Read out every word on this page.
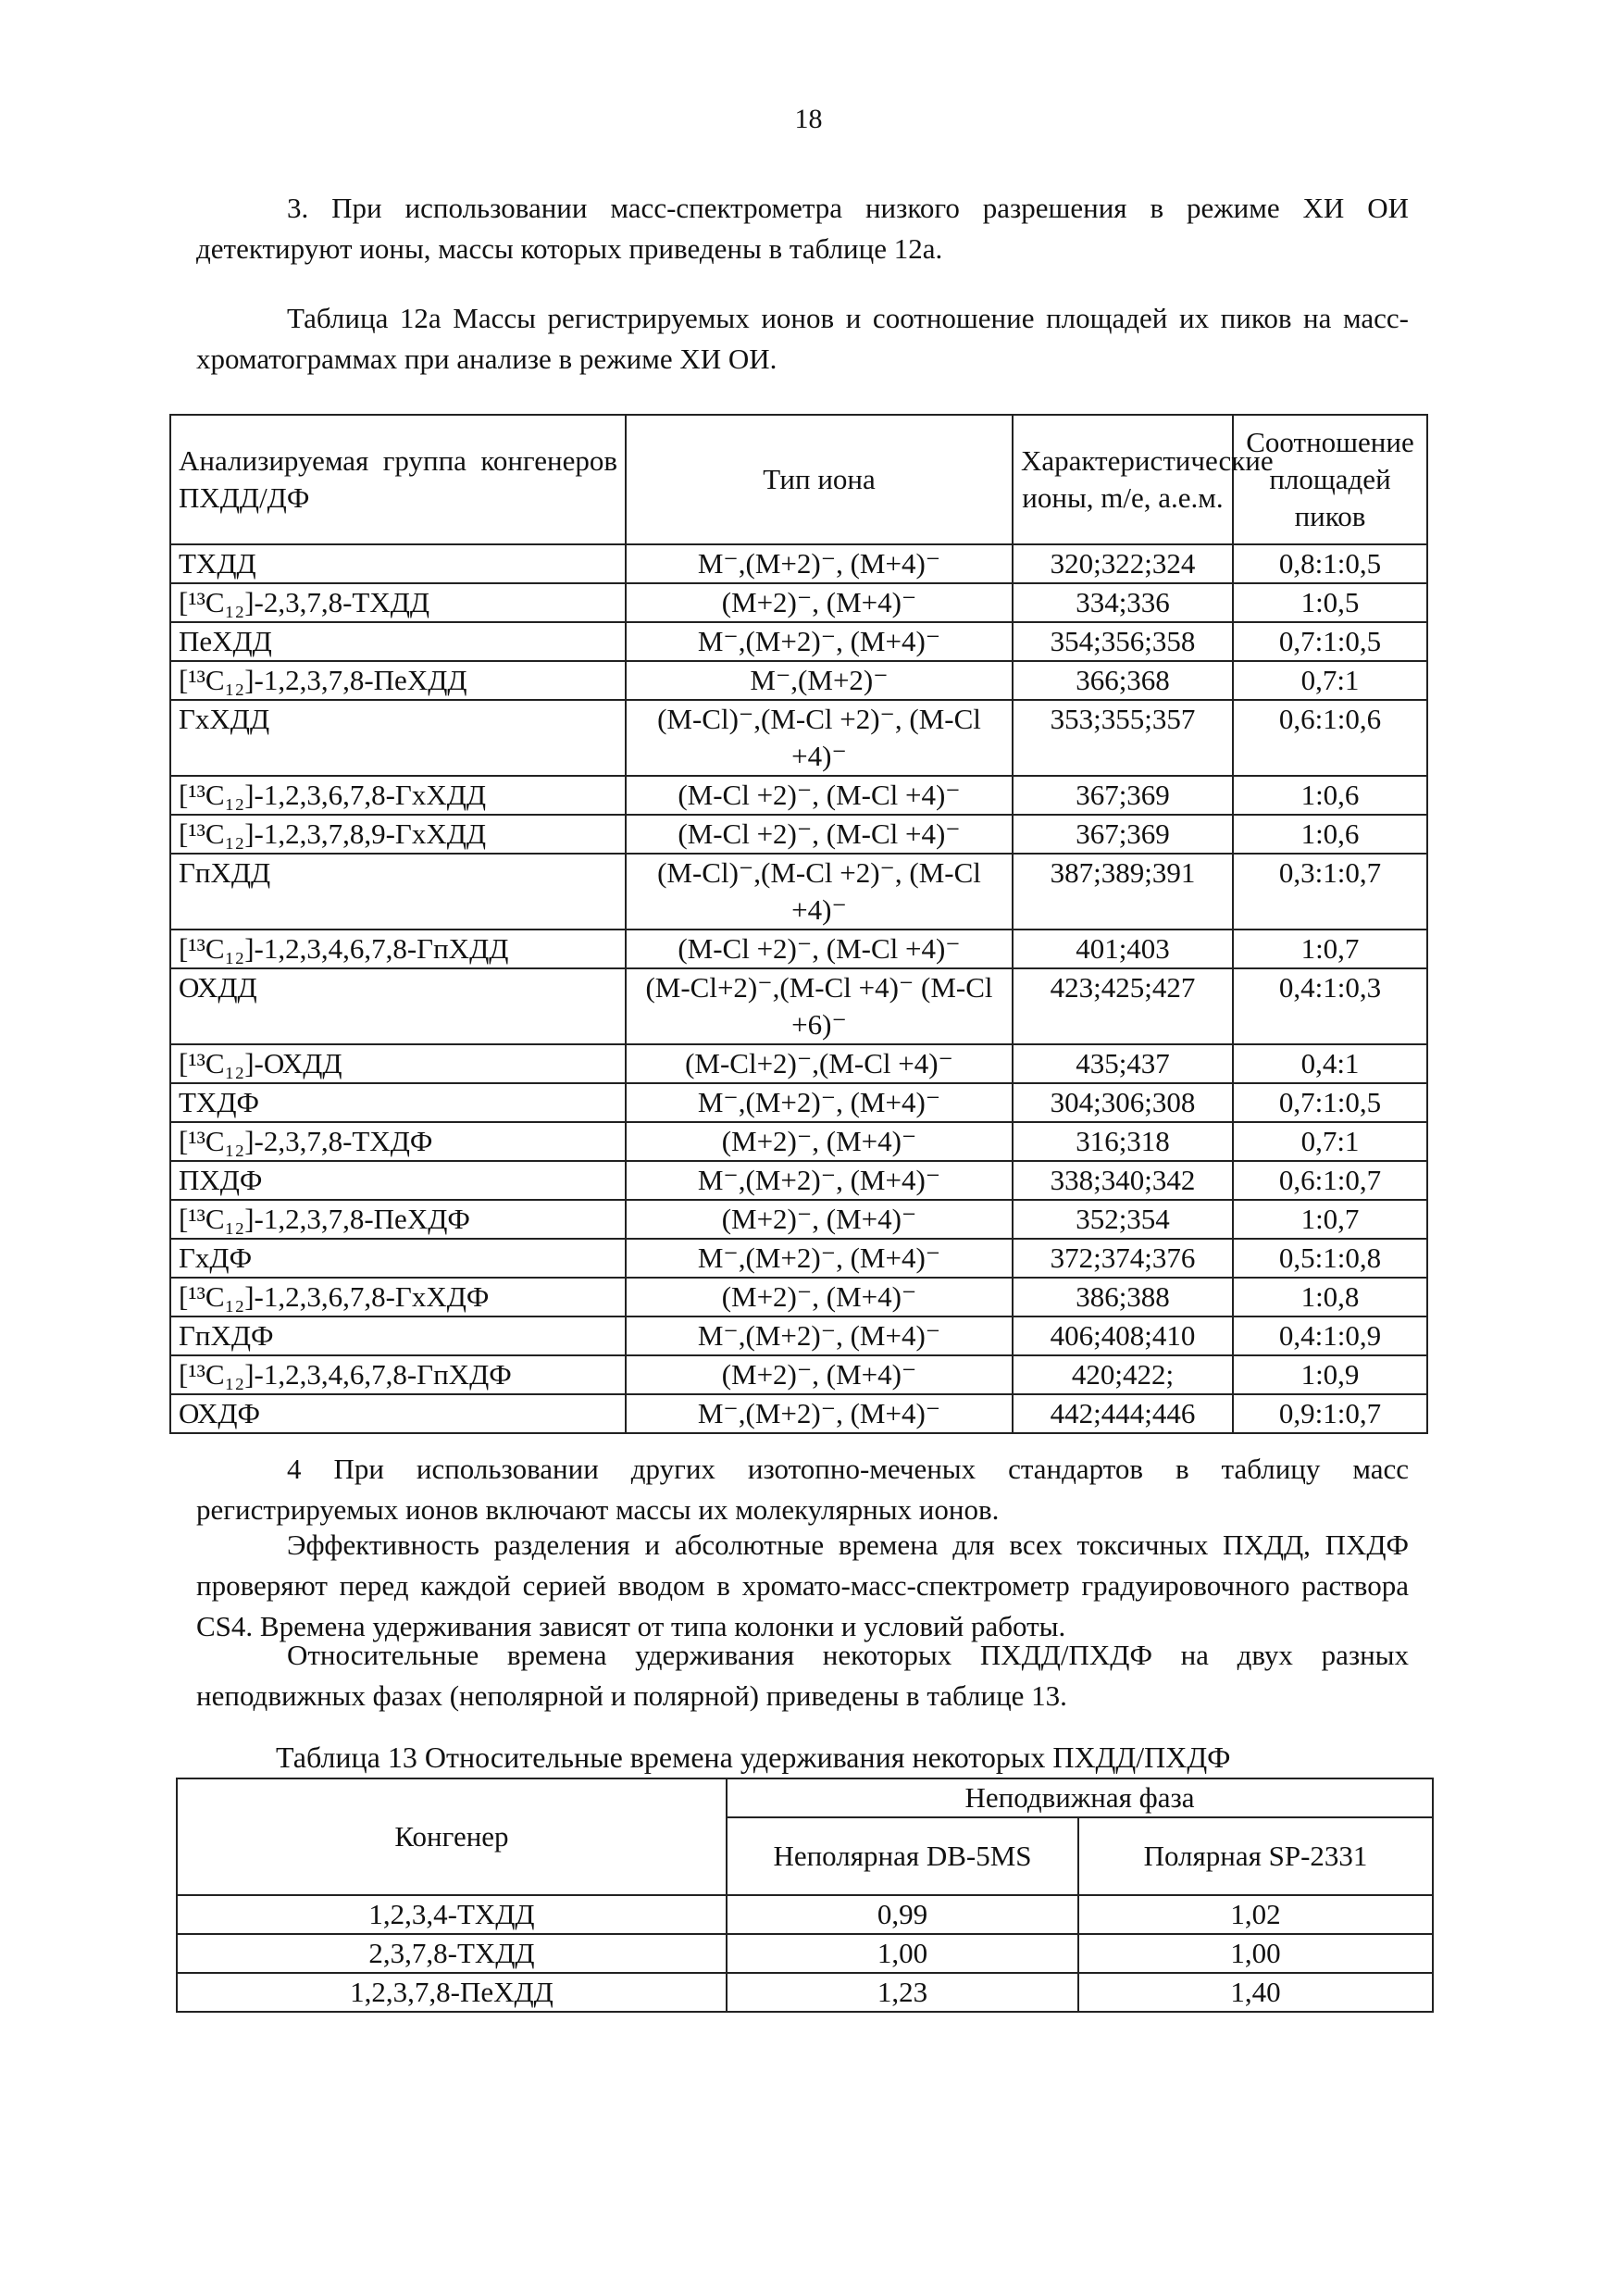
18

3. При использовании масс-спектрометра низкого разрешения в режиме ХИ ОИ детектируют ионы, массы которых приведены в таблице 12а.

Таблица 12а Массы регистрируемых ионов и соотношение площадей их пиков на масс-хроматограммах при анализе в режиме ХИ ОИ.

Анализируемая группа конгенеров ПХДД/ДФ	Тип иона	Характеристические ионы, m/e, а.е.м.	Соотношение площадей пиков
ТХДД	M⁻,(M+2)⁻, (M+4)⁻	320;322;324	0,8:1:0,5
[¹³C₁₂]-2,3,7,8-ТХДД	(M+2)⁻, (M+4)⁻	334;336	1:0,5
ПеХДД	M⁻,(M+2)⁻, (M+4)⁻	354;356;358	0,7:1:0,5
[¹³C₁₂]-1,2,3,7,8-ПеХДД	M⁻,(M+2)⁻	366;368	0,7:1
ГхХДД	(M-Cl)⁻,(M-Cl +2)⁻, (M-Cl +4)⁻	353;355;357	0,6:1:0,6
[¹³C₁₂]-1,2,3,6,7,8-ГхХДД	(M-Cl +2)⁻, (M-Cl +4)⁻	367;369	1:0,6
[¹³C₁₂]-1,2,3,7,8,9-ГхХДД	(M-Cl +2)⁻, (M-Cl +4)⁻	367;369	1:0,6
ГпХДД	(M-Cl)⁻,(M-Cl +2)⁻, (M-Cl +4)⁻	387;389;391	0,3:1:0,7
[¹³C₁₂]-1,2,3,4,6,7,8-ГпХДД	(M-Cl +2)⁻, (M-Cl +4)⁻	401;403	1:0,7
ОХДД	(M-Cl+2)⁻,(M-Cl +4)⁻ (M-Cl +6)⁻	423;425;427	0,4:1:0,3
[¹³C₁₂]-ОХДД	(M-Cl+2)⁻,(M-Cl +4)⁻	435;437	0,4:1
ТХДФ	M⁻,(M+2)⁻, (M+4)⁻	304;306;308	0,7:1:0,5
[¹³C₁₂]-2,3,7,8-ТХДФ	(M+2)⁻, (M+4)⁻	316;318	0,7:1
ПХДФ	M⁻,(M+2)⁻, (M+4)⁻	338;340;342	0,6:1:0,7
[¹³C₁₂]-1,2,3,7,8-ПеХДФ	(M+2)⁻, (M+4)⁻	352;354	1:0,7
ГхДФ	M⁻,(M+2)⁻, (M+4)⁻	372;374;376	0,5:1:0,8
[¹³C₁₂]-1,2,3,6,7,8-ГхХДФ	(M+2)⁻, (M+4)⁻	386;388	1:0,8
ГпХДФ	M⁻,(M+2)⁻, (M+4)⁻	406;408;410	0,4:1:0,9
[¹³C₁₂]-1,2,3,4,6,7,8-ГпХДФ	(M+2)⁻, (M+4)⁻	420;422;	1:0,9
ОХДФ	M⁻,(M+2)⁻, (M+4)⁻	442;444;446	0,9:1:0,7

4 При использовании других изотопно-меченых стандартов в таблицу масс регистрируемых ионов включают массы их молекулярных ионов.

Эффективность разделения и абсолютные времена для всех токсичных ПХДД, ПХДФ проверяют перед каждой серией вводом в хромато-масс-спектрометр градуировочного раствора CS4. Времена удерживания зависят от типа колонки и условий работы.

Относительные времена удерживания некоторых ПХДД/ПХДФ на двух разных неподвижных фазах (неполярной и полярной) приведены в таблице 13.

Таблица 13 Относительные времена удерживания некоторых ПХДД/ПХДФ

Конгенер	Неподвижная фаза	
	Неполярная DB-5MS	Полярная SP-2331
1,2,3,4-ТХДД	0,99	1,02
2,3,7,8-ТХДД	1,00	1,00
1,2,3,7,8-ПеХДД	1,23	1,40
